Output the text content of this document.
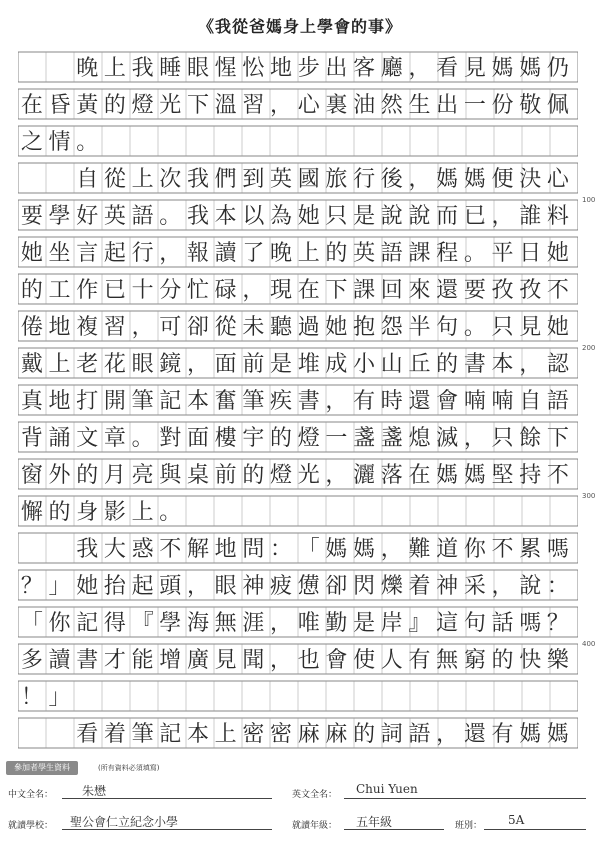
《我從爸媽身上學會的事》
晚 上 我 睡 眼 惺 忪 地 步 出 客 廳 ， 看 見 媽 媽 仍
在 昏 黃 的 燈 光 下 溫 習 ， 心 裏 油 然 生 出 一 份 敬 佩
之 情 。
自 從 上 次 我 們 到 英 國 旅 行 後 ， 媽 媽 便 決 心
要 學 好 英 語 。 我 本 以 為 她 只 是 說 說 而 已 ， 誰 料
她 坐 言 起 行 ， 報 讀 了 晚 上 的 英 語 課 程 。 平 日 她
的 工 作 已 十 分 忙 碌 ， 現 在 下 課 回 來 還 要 孜 孜 不
倦 地 複 習 ， 可 卻 從 未 聽 過 她 抱 怨 半 句 。 只 見 她
戴 上 老 花 眼 鏡 ， 面 前 是 堆 成 小 山 丘 的 書 本 ， 認
真 地 打 開 筆 記 本 奮 筆 疾 書 ， 有 時 還 會 喃 喃 自 語
背 誦 文 章 。 對 面 樓 宇 的 燈 一 盞 盞 熄 滅 ， 只 餘 下
窗 外 的 月 亮 與 桌 前 的 燈 光 ， 灑 落 在 媽 媽 堅 持 不
懈 的 身 影 上 。
我 大 惑 不 解 地 問 ： 「 媽 媽 ， 難 道 你 不 累 嗎
？ 」 她 抬 起 頭 ， 眼 神 疲 憊 卻 閃 爍 着 神 采 ， 說 ：
「 你 記 得 『 學 海 無 涯 ， 唯 勤 是 岸 』 這 句 話 嗎 ？
多 讀 書 才 能 增 廣 見 聞 ， 也 會 使 人 有 無 窮 的 快 樂
！ 」
看 着 筆 記 本 上 密 密 麻 麻 的 詞 語 ， 還 有 媽 媽
100
200
300
400
參加者學生資料	(所有資料必須填寫)
中文全名： 朱懋	英文全名： Chui Yuen
就讀學校： 聖公會仁立紀念小學	就讀年級： 五年級	班別： 5A
